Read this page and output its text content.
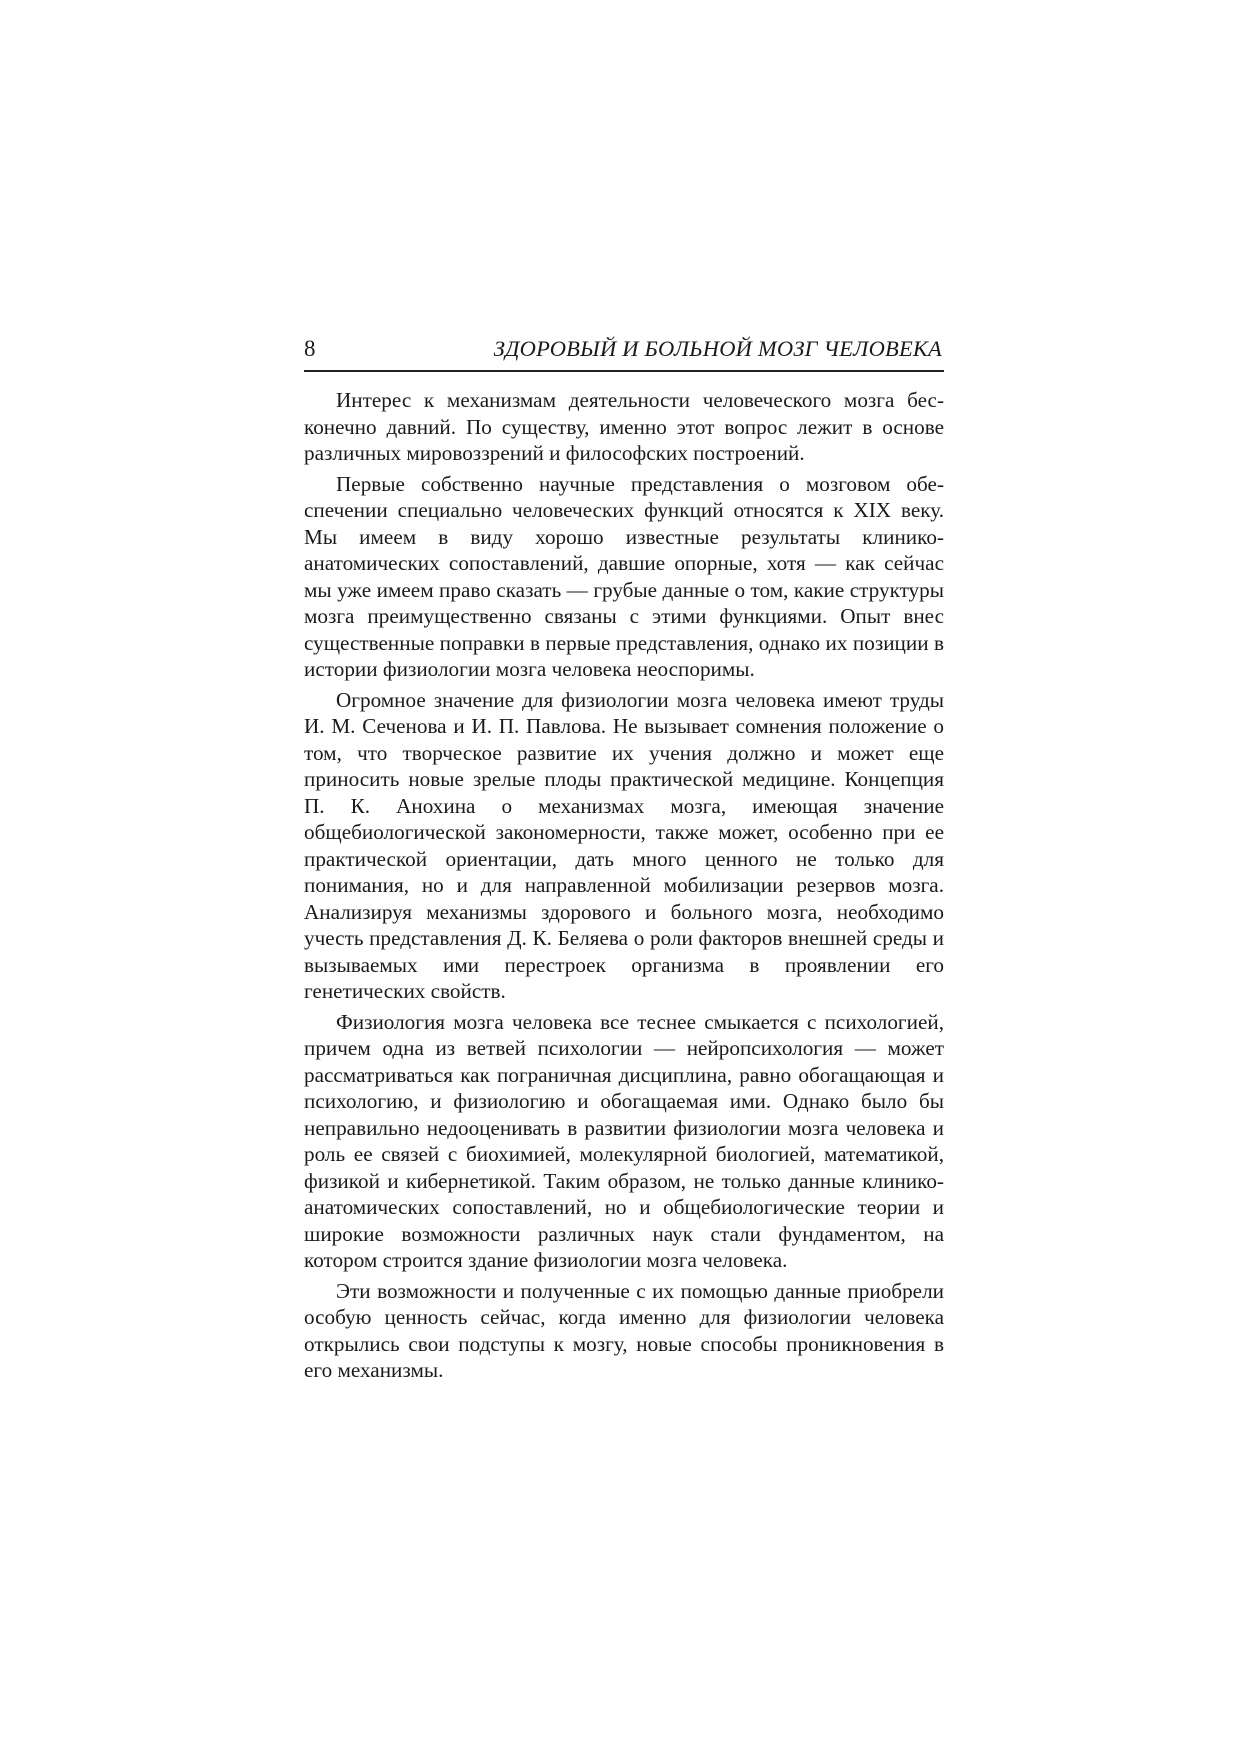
8	ЗДОРОВЫЙ И БОЛЬНОЙ МОЗГ ЧЕЛОВЕКА

Интерес к механизмам деятельности человеческого мозга бесконечно давний. По существу, именно этот вопрос лежит в основе различных мировоззрений и философских построений.

Первые собственно научные представления о мозговом обеспечении специально человеческих функций относятся к XIX веку. Мы имеем в виду хорошо известные результаты клинико-анатомических сопоставлений, давшие опорные, хотя — как сейчас мы уже имеем право сказать — грубые данные о том, какие структуры мозга преимущественно связаны с этими функциями. Опыт внес существенные поправки в первые представления, однако их позиции в истории физиологии мозга человека неоспоримы.

Огромное значение для физиологии мозга человека имеют труды И. М. Сеченова и И. П. Павлова. Не вызывает сомнения положение о том, что творческое развитие их учения должно и может еще приносить новые зрелые плоды практической медицине. Концепция П. К. Анохина о механизмах мозга, имеющая значение общебиологической закономерности, также может, особенно при ее практической ориентации, дать много ценного не только для понимания, но и для направленной мобилизации резервов мозга. Анализируя механизмы здорового и больного мозга, необходимо учесть представления Д. К. Беляева о роли факторов внешней среды и вызываемых ими перестроек организма в проявлении его генетических свойств.

Физиология мозга человека все теснее смыкается с психологией, причем одна из ветвей психологии — нейропсихология — может рассматриваться как пограничная дисциплина, равно обогащающая и психологию, и физиологию и обогащаемая ими. Однако было бы неправильно недооценивать в развитии физиологии мозга человека и роль ее связей с биохимией, молекулярной биологией, математикой, физикой и кибернетикой. Таким образом, не только данные клинико-анатомических сопоставлений, но и общебиологические теории и широкие возможности различных наук стали фундаментом, на котором строится здание физиологии мозга человека.

Эти возможности и полученные с их помощью данные приобрели особую ценность сейчас, когда именно для физиологии человека открылись свои подступы к мозгу, новые способы проникновения в его механизмы.
